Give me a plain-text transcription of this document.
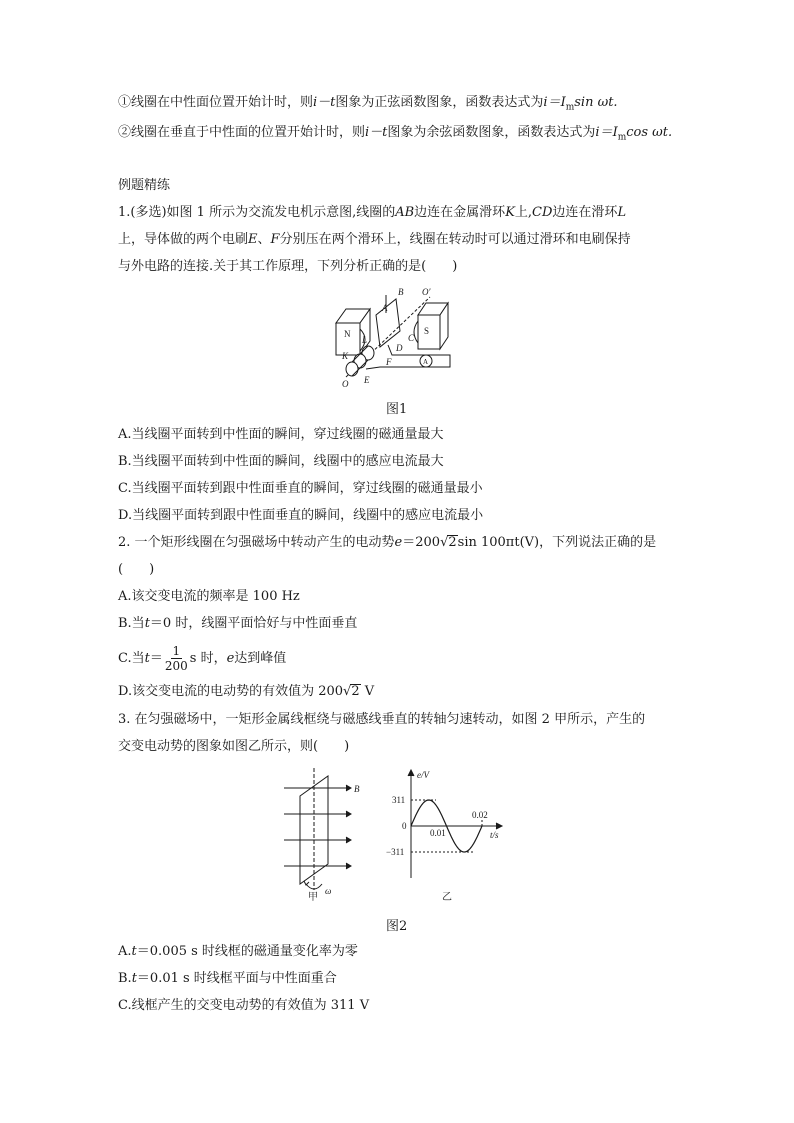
①线圈在中性面位置开始计时，则i－t图象为正弦函数图象，函数表达式为$i=I_m\sin$ ωt.
②线圈在垂直于中性面的位置开始计时，则i－t图象为余弦函数图象，函数表达式为$i=I_m\cos$ ωt.
例题精练
1.(多选)如图 1 所示为交流发电机示意图,线圈的AB边连在金属滑环K上,CD边连在滑环L
上，导体做的两个电刷E、F分别压在两个滑环上，线圈在转动时可以通过滑环和电刷保持
与外电路的连接.关于其工作原理，下列分析正确的是(　　)
N	S
A
B
C
D
K
L
E
F
O
O′
A
图1
A.当线圈平面转到中性面的瞬间，穿过线圈的磁通量最大
B.当线圈平面转到中性面的瞬间，线圈中的感应电流最大
C.当线圈平面转到跟中性面垂直的瞬间，穿过线圈的磁通量最小
D.当线圈平面转到跟中性面垂直的瞬间，线圈中的感应电流最小
2. 一个矩形线圈在匀强磁场中转动产生的电动势e＝200√2sin 100πt(V)，下列说法正确的是
(　　)
A.该交变电流的频率是 100 Hz
B.当t＝0 时，线圈平面恰好与中性面垂直
C.当$t= \frac{1}{200}$ s 时，e达到峰值
D.该交变电流的电动势的有效值为 200√2 V
3. 在匀强磁场中，一矩形金属线框绕与磁感线垂直的转轴匀速转动，如图 2 甲所示，产生的
交变电动势的图象如图乙所示，则(　　)
B
ω
甲
e/V
t/s
311
0
−311
0.01
0.02
乙
图2
A.t＝0.005 s 时线框的磁通量变化率为零
B.t＝0.01 s 时线框平面与中性面重合
C.线框产生的交变电动势的有效值为 311 V
